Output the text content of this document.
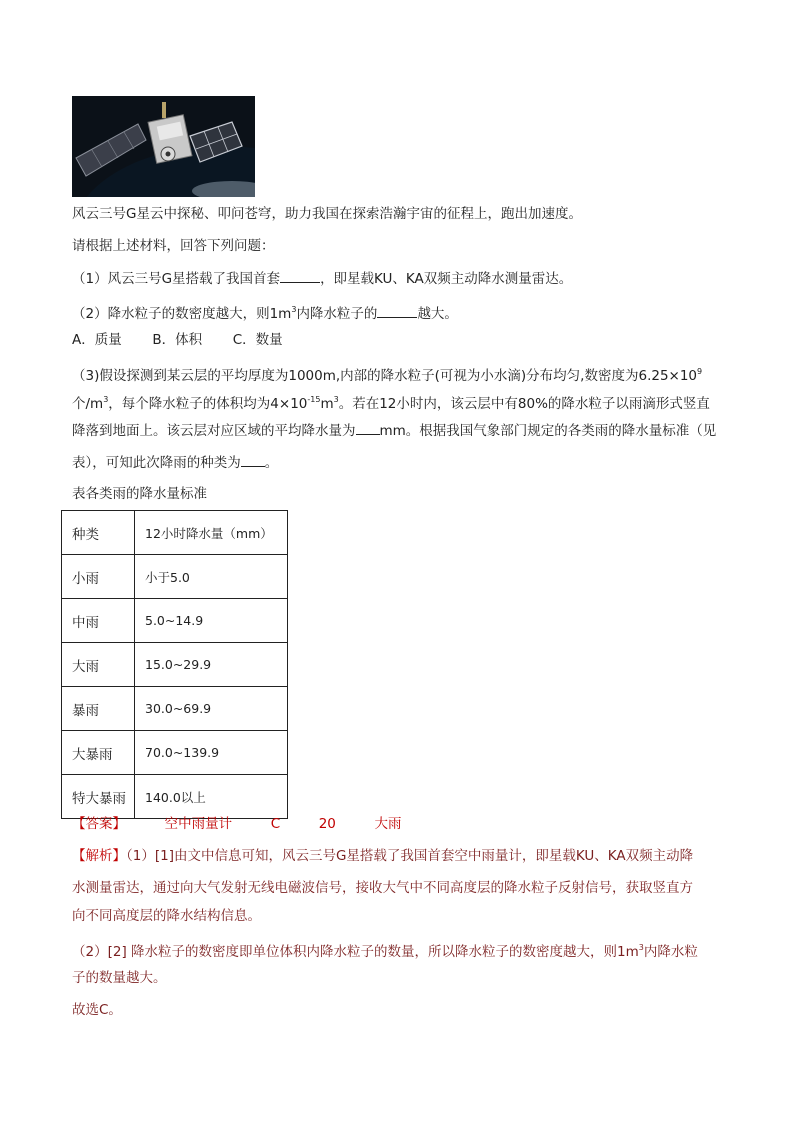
风云三号G星云中探秘、叩问苍穹，助力我国在探索浩瀚宇宙的征程上，跑出加速度。
请根据上述材料，回答下列问题：
（1）风云三号G星搭载了我国首套	，即星载KU、KA双频主动降水测量雷达。
（2）降水粒子的数密度越大，则$1m^3$内降水粒子的	越大。
A．质量 B．体积 C．数量
（3)假设探测到某云层的平均厚度为1000m,内部的降水粒子(可视为小水滴)分布均匀,数密度为$6.25\times 10^9$
个$/m^3$，每个降水粒子的体积均为$4\times 10^{-15}m^3$。若在12小时内，该云层中有80%的降水粒子以雨滴形式竖直
降落到地面上。该云层对应区域的平均降水量为 mm。根据我国气象部门规定的各类雨的降水量标准（见
表），可知此次降雨的种类为 。
表各类雨的降水量标准
种类	12小时降水量（mm）
小雨	小于5.0
中雨	5.0~14.9
大雨	15.0~29.9
暴雨	30.0~69.9
大暴雨	70.0~139.9
特大暴雨	140.0以上
【答案】	空中雨量计	C	20	大雨
【解析】（1）[1]由文中信息可知，风云三号G星搭载了我国首套空中雨量计，即星载KU、KA双频主动降
水测量雷达，通过向大气发射无线电磁波信号，接收大气中不同高度层的降水粒子反射信号，获取竖直方
向不同高度层的降水结构信息。
（2）[2] 降水粒子的数密度即单位体积内降水粒子的数量，所以降水粒子的数密度越大，则$1m^3$内降水粒
子的数量越大。
故选C。
